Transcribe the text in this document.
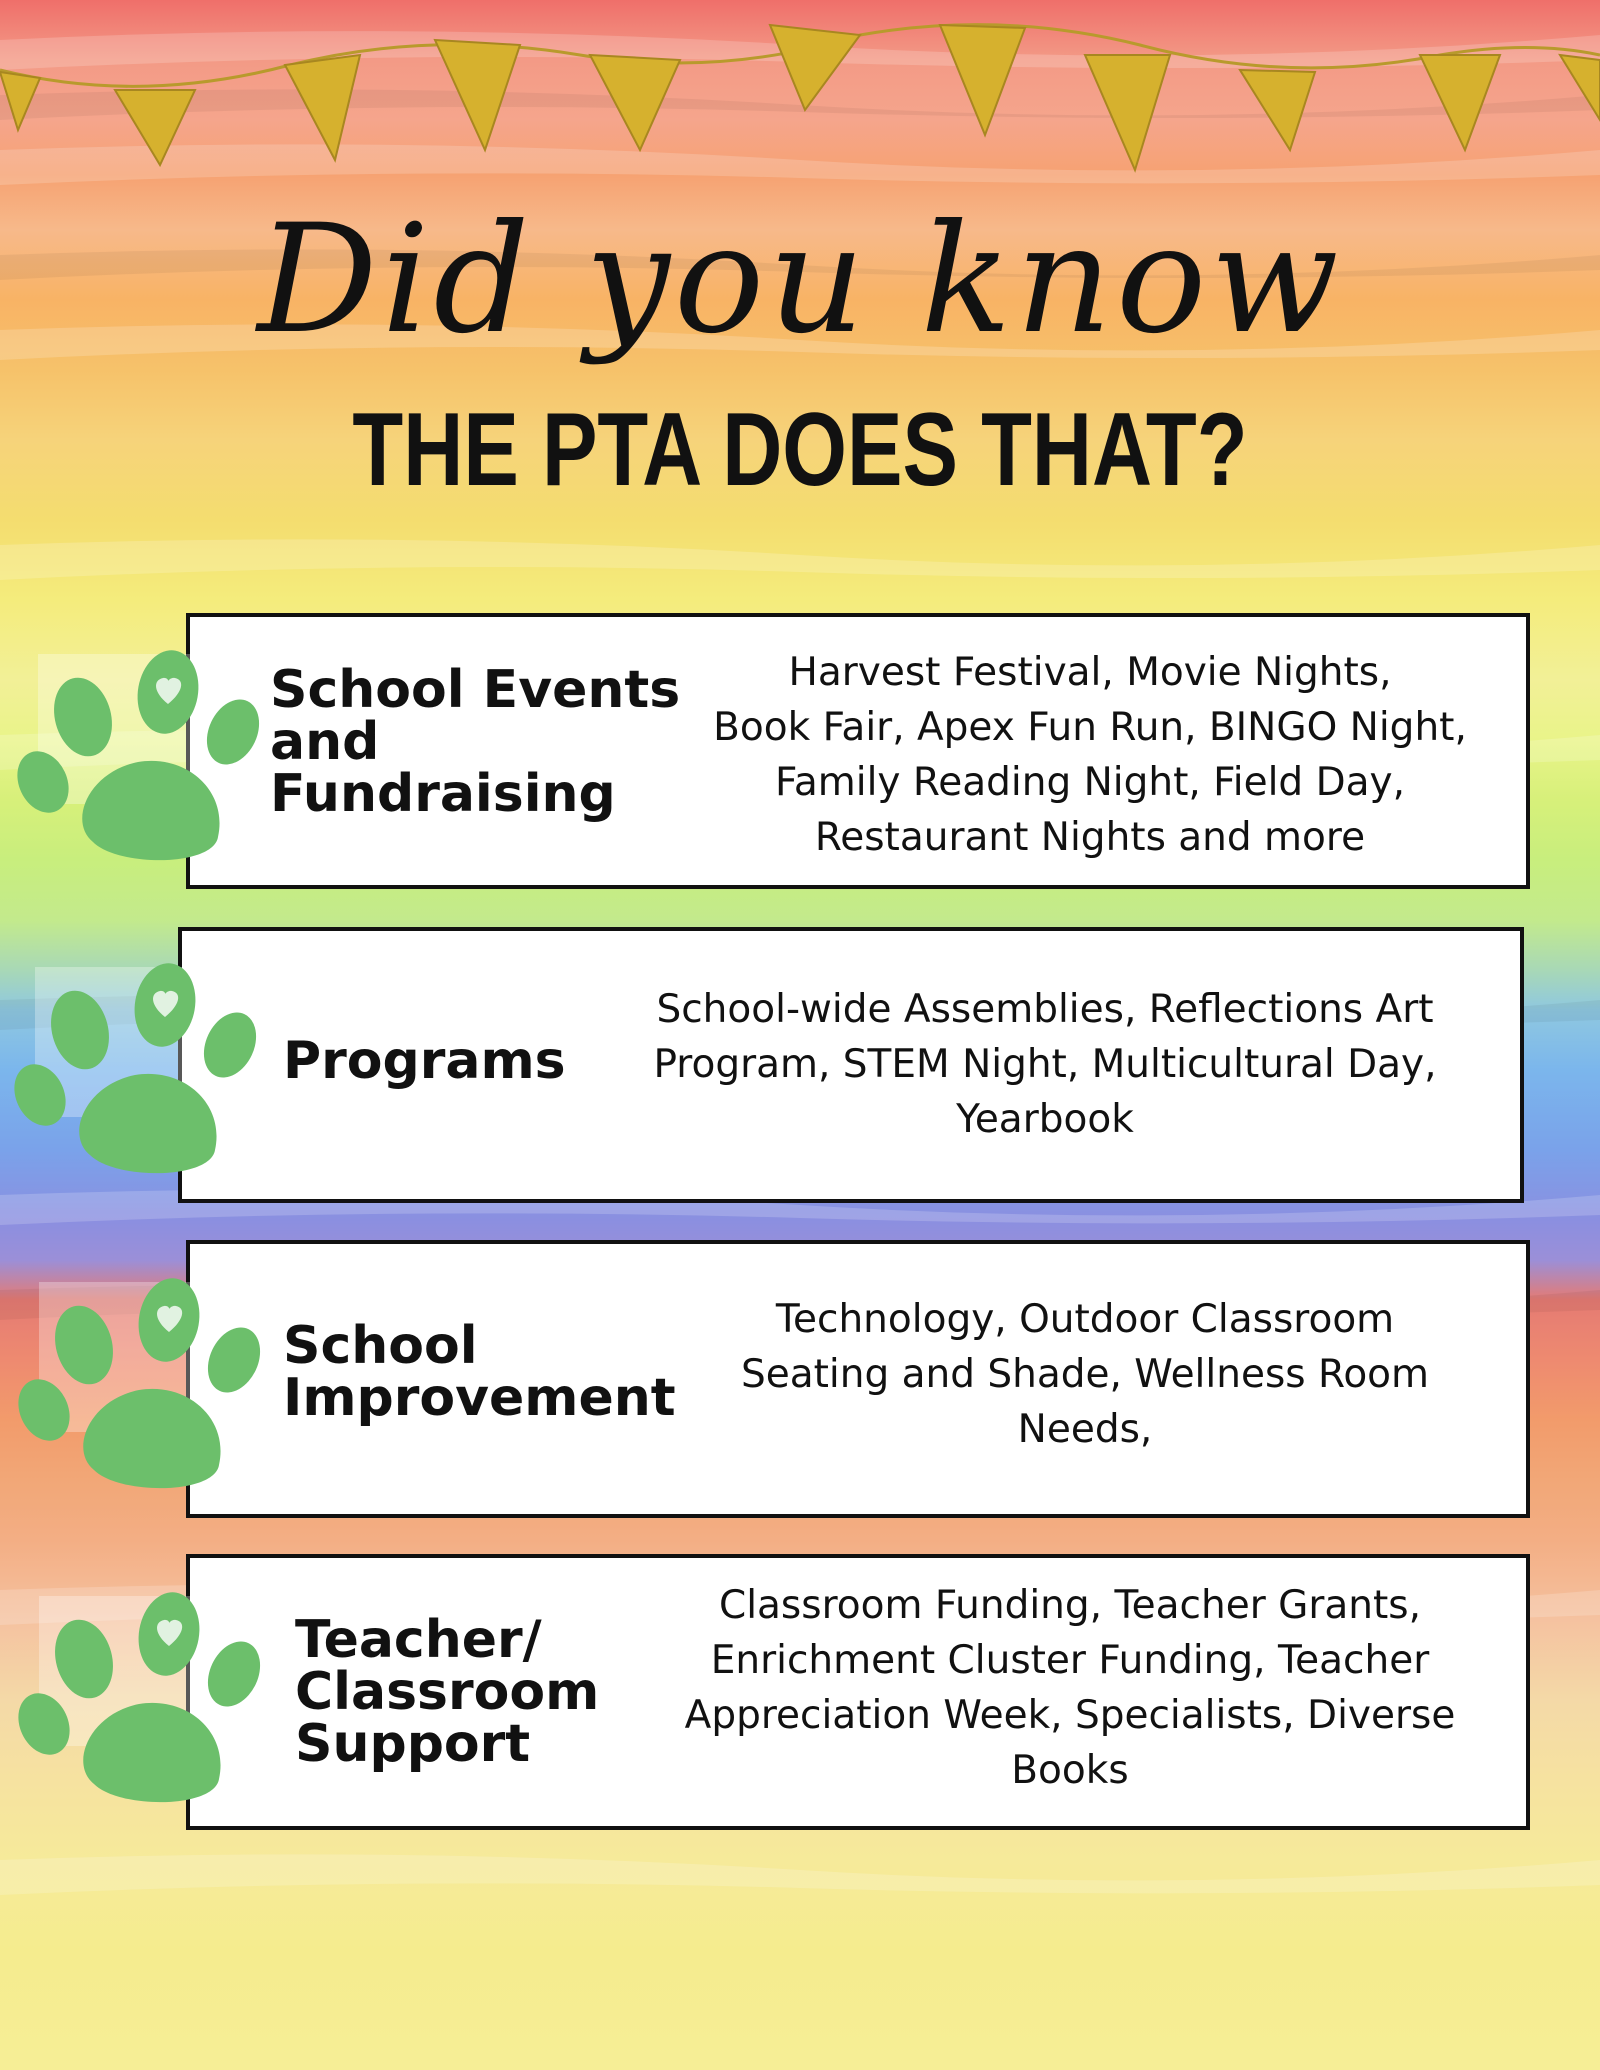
Did you know
THE PTA DOES THAT?
School Events
and
Fundraising
Harvest Festival, Movie Nights,
Book Fair, Apex Fun Run, BINGO Night,
Family Reading Night, Field Day,
Restaurant Nights and more
Programs
School-wide Assemblies, Reflections Art
Program, STEM Night, Multicultural Day,
Yearbook
School
Improvement
Technology, Outdoor Classroom
Seating and Shade, Wellness Room
Needs,
Teacher/
Classroom
Support
Classroom Funding, Teacher Grants,
Enrichment Cluster Funding, Teacher
Appreciation Week, Specialists, Diverse
Books
